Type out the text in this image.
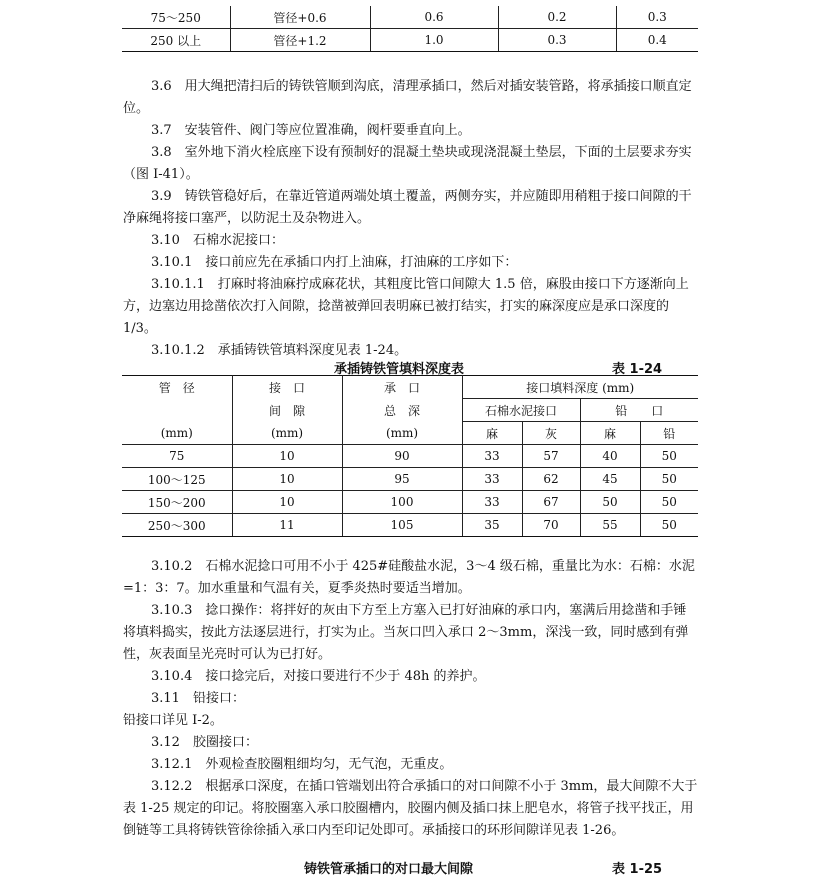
75～250	管径+0.6	0.6	0.2	0.3
250 以上	管径+1.2	1.0	0.3	0.4

3.6　用大绳把清扫后的铸铁管顺到沟底，清理承插口，然后对插安装管路，将承插接口顺直定位。

3.7　安装管件、阀门等应位置准确，阀杆要垂直向上。

3.8　室外地下消火栓底座下设有预制好的混凝土垫块或现浇混凝土垫层，下面的土层要求夯实（图 I-41）。

3.9　铸铁管稳好后，在靠近管道两端处填土覆盖，两侧夯实，并应随即用稍粗于接口间隙的干净麻绳将接口塞严，以防泥土及杂物进入。

3.10　石棉水泥接口：

3.10.1　接口前应先在承插口内打上油麻，打油麻的工序如下：

3.10.1.1　打麻时将油麻拧成麻花状，其粗度比管口间隙大 1.5 倍，麻股由接口下方逐渐向上方，边塞边用捻凿依次打入间隙，捻凿被弹回表明麻已被打结实，打实的麻深度应是承口深度的 1/3。

3.10.1.2　承插铸铁管填料深度见表 1-24。

承插铸铁管填料深度表	表 1-24
管　径	接　口	承　口	接口填料深度 (mm)			
	间　隙	总　深	石棉水泥接口		铅　　口	
(mm)	(mm)	(mm)	麻	灰	麻	铅
75	10	90	33	57	40	50
100～125	10	95	33	62	45	50
150～200	10	100	33	67	50	50
250～300	11	105	35	70	55	50

3.10.2　石棉水泥捻口可用不小于 425#硅酸盐水泥，3～4 级石棉，重量比为水：石棉：水泥=1：3：7。加水重量和气温有关，夏季炎热时要适当增加。

3.10.3　捻口操作：将拌好的灰由下方至上方塞入已打好油麻的承口内，塞满后用捻凿和手锤将填料捣实，按此方法逐层进行，打实为止。当灰口凹入承口 2～3mm，深浅一致，同时感到有弹性，灰表面呈光亮时可认为已打好。

3.10.4　接口捻完后，对接口要进行不少于 48h 的养护。

3.11　铅接口：

铅接口详见 I-2。

3.12　胶圈接口：

3.12.1　外观检查胶圈粗细均匀，无气泡，无重皮。

3.12.2　根据承口深度，在插口管端划出符合承插口的对口间隙不小于 3mm，最大间隙不大于表 1-25 规定的印记。将胶圈塞入承口胶圈槽内，胶圈内侧及插口抹上肥皂水，将管子找平找正，用倒链等工具将铸铁管徐徐插入承口内至印记处即可。承插接口的环形间隙详见表 1-26。

铸铁管承插口的对口最大间隙	表 1-25
